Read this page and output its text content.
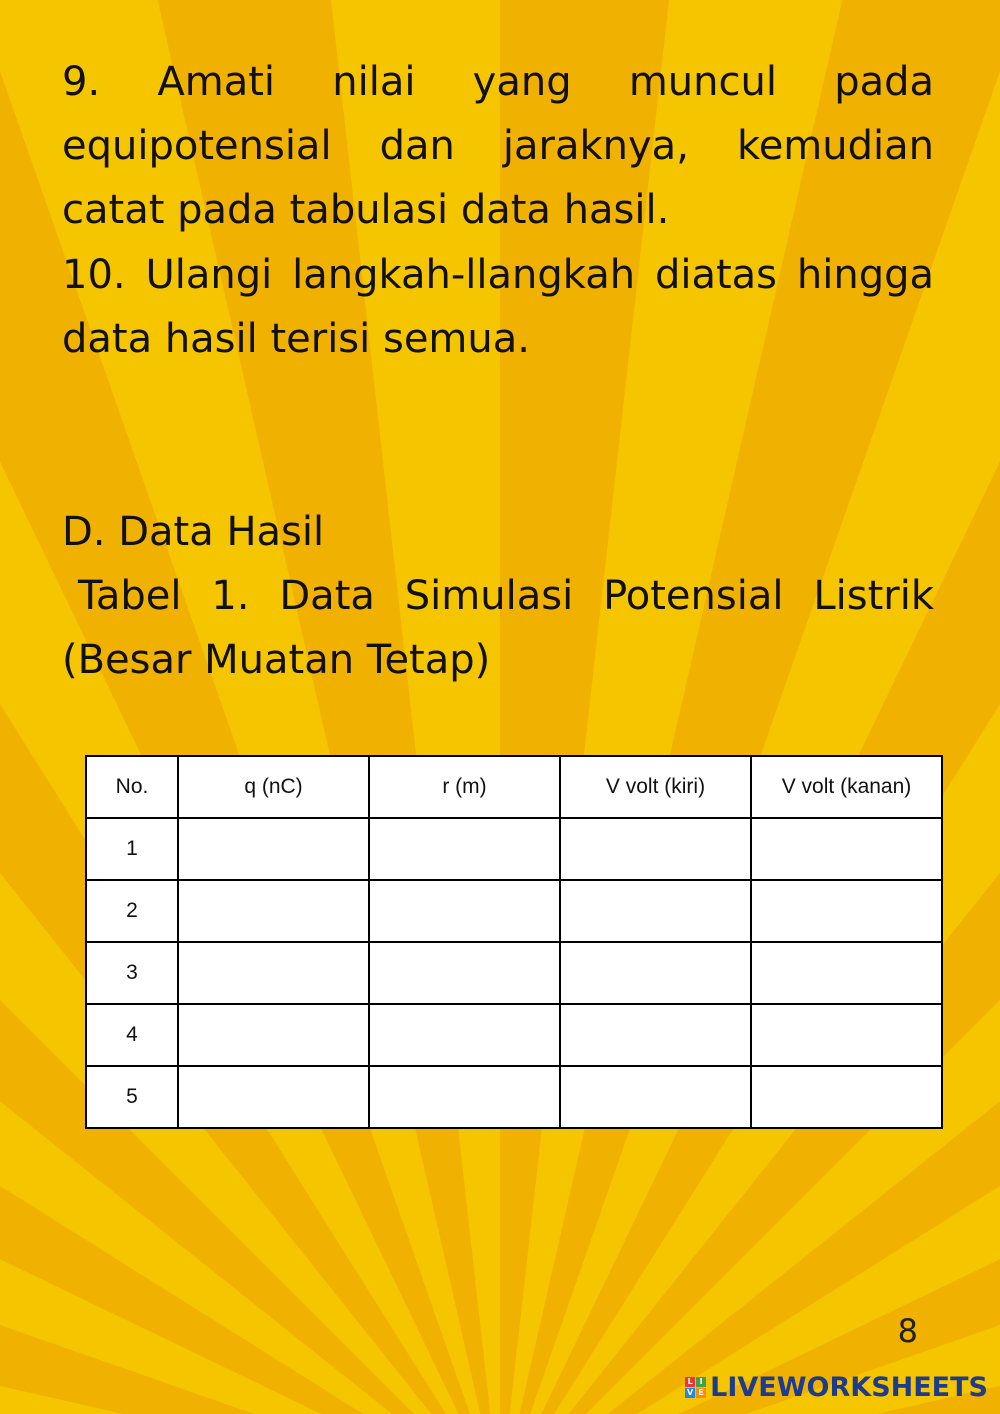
9. Amati nilai yang muncul pada equipotensial dan jaraknya, kemudian catat pada tabulasi data hasil.

10. Ulangi langkah-llangkah diatas hingga data hasil terisi semua.

D. Data Hasil

Tabel 1. Data Simulasi Potensial Listrik (Besar Muatan Tetap)

No.	q (nC)	r (m)	V volt (kiri)	V volt (kanan)
1				
2				
3				
4				
5				
8
L I
V E LIVEWORKSHEETS
